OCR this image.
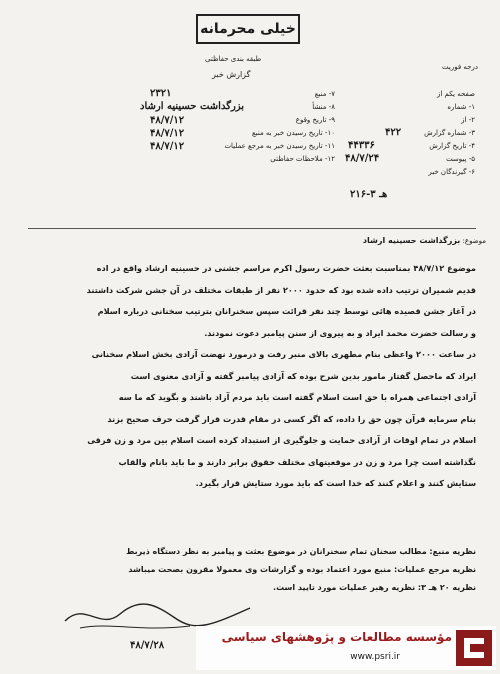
خیلی محرمانه
طبقه بندی حفاظتی
گزارش خبر
درجه فوریت
صفحه یکم از
۱- شماره
۲- از
۳- شماره گزارش
۴- تاریخ گزارش
۵- پیوست
۶- گیرندگان خبر
۷- منبع
۸- منشأ
۹- تاریخ وقوع
۱۰- تاریخ رسیدن خبر به منبع
۱۱- تاریخ رسیدن خبر به مرجع عملیات
۱۲- ملاحظات حفاظتی
۲۳۲۱
بزرگداشت حسینیه ارشاد
۴۸/۷/۱۲
۴۸/۷/۱۲
۴۸/۷/۱۲
۴۲۲
۴۴۳۳۶
۴۸/۷/۲۴
۲۱۶-۳ هـ
موضوع: بزرگداشت حسینیه ارشاد

موضوع ۴۸/۷/۱۲ بمناسبت بعثت حضرت رسول اکرم مراسم جشنی در حسینیه ارشاد واقع در اده

قدیم شمیران ترتیب داده شده بود که حدود ۲۰۰۰ نفر از طبقات مختلف در آن جشن شرکت داشتند

در آغاز جشن قصیده هائی توسط چند نفر قرائت سپس سخنرانان بترتیب سخنانی درباره اسلام

و رسالت حضرت محمد ایراد و به پیروی از سنن پیامبر دعوت نمودند.

در ساعت ۲۰۰۰ واعظی بنام مطهری بالای منبر رفت و درمورد نهضت آزادی بخش اسلام سخنانی

ایراد که ماحصل گفتار مامور بدین شرح بوده که آزادی پیامبر گفته و آزادی معنوی است

آزادی اجتماعی همراه با حق است اسلام گفته است باید مردم آزاد باشند و بگوید که ما سه

بنام سرمایه قرآن چون حق را داده، که اگر کسی در مقام قدرت قرار گرفت حرف صحیح بزند

اسلام در تمام اوقات از آزادی حمایت و جلوگیری از استبداد کرده است اسلام بین مرد و زن فرقی

نگذاشته است چرا مرد و زن در موقعیتهای مختلف حقوق برابر دارند و ما باید بانام والقاب

ستایش کنند و اعلام کنند که خدا است که باید مورد ستایش قرار بگیرد.

نظریه منبع: مطالب سخنان تمام سخنرانان در موضوع بعثت و پیامبر به نظر دستگاه ذیربط

نظریه مرجع عملیات: منبع مورد اعتماد بوده و گزارشات وی معمولا مقرون بصحت میباشد

نظریه ۲۰ هـ ۳: نظریه رهبر عملیات مورد تایید است.

۴۸/۷/۲۸
مؤسسه مطالعات و پژوهشهای سیاسی
www.psri.ir
